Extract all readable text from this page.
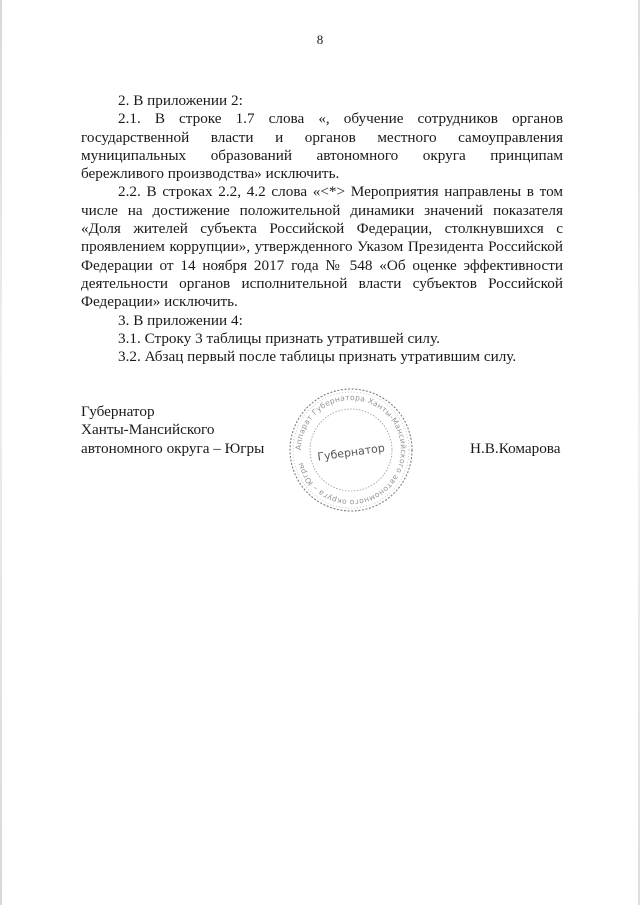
8

2. В приложении 2:

2.1. В строке 1.7 слова «, обучение сотрудников органов государственной власти и органов местного самоуправления муниципальных образований автономного округа принципам бережливого производства» исключить.

2.2. В строках 2.2, 4.2 слова «<*> Мероприятия направлены в том числе на достижение положительной динамики значений показателя «Доля жителей субъекта Российской Федерации, столкнувшихся с проявлением коррупции», утвержденного Указом Президента Российской Федерации от 14 ноября 2017 года № 548 «Об оценке эффективности деятельности органов исполнительной власти субъектов Российской Федерации» исключить.

3. В приложении 4:

3.1. Строку 3 таблицы признать утратившей силу.

3.2. Абзац первый после таблицы признать утратившим силу.

Губернатор
Ханты-Мансийского
автономного округа – Югры	Аппарат Губернатора Ханты-Мансийского автономного округа – Югры
Губернатор	Н.В.Комарова
